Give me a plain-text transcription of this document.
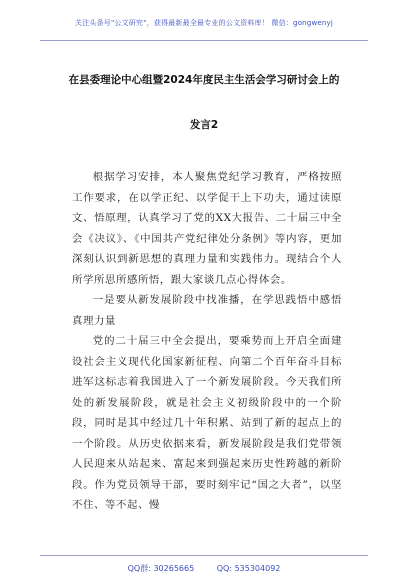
关注头条号"公文研究"，获得最新最全最专业的公文资料库！ 微信：gongwenyj
在县委理论中心组暨2024年度民主生活会学习研讨会上的
发言2

根据学习安排，本人聚焦党纪学习教育，严格按照工作要求，在以学正纪、以学促干上下功夫，通过读原文、悟原理，认真学习了党的XX大报告、二十届三中全会《决议》、《中国共产党纪律处分条例》等内容，更加深刻认识到新思想的真理力量和实践伟力。现结合个人所学所思所感所悟，跟大家谈几点心得体会。

一是要从新发展阶段中找准播，在学思践悟中感悟真理力量

党的二十届三中全会提出，要乘势而上开启全面建设社会主义现代化国家新征程、向第二个百年奋斗目标进军这标志着我国进入了一个新发展阶段。今天我们所处的新发展阶段，就是社会主义初级阶段中的一个阶段，同时是其中经过几十年积累、站到了新的起点上的一个阶段。从历史依据来看，新发展阶段是我们党带领人民迎来从站起来、富起来到强起来历史性跨越的新阶段。作为党员领导干部，要时刻牢记“国之大者”，以坚不住、等不起、慢

QQ群: 30265665	QQ: 535304092
